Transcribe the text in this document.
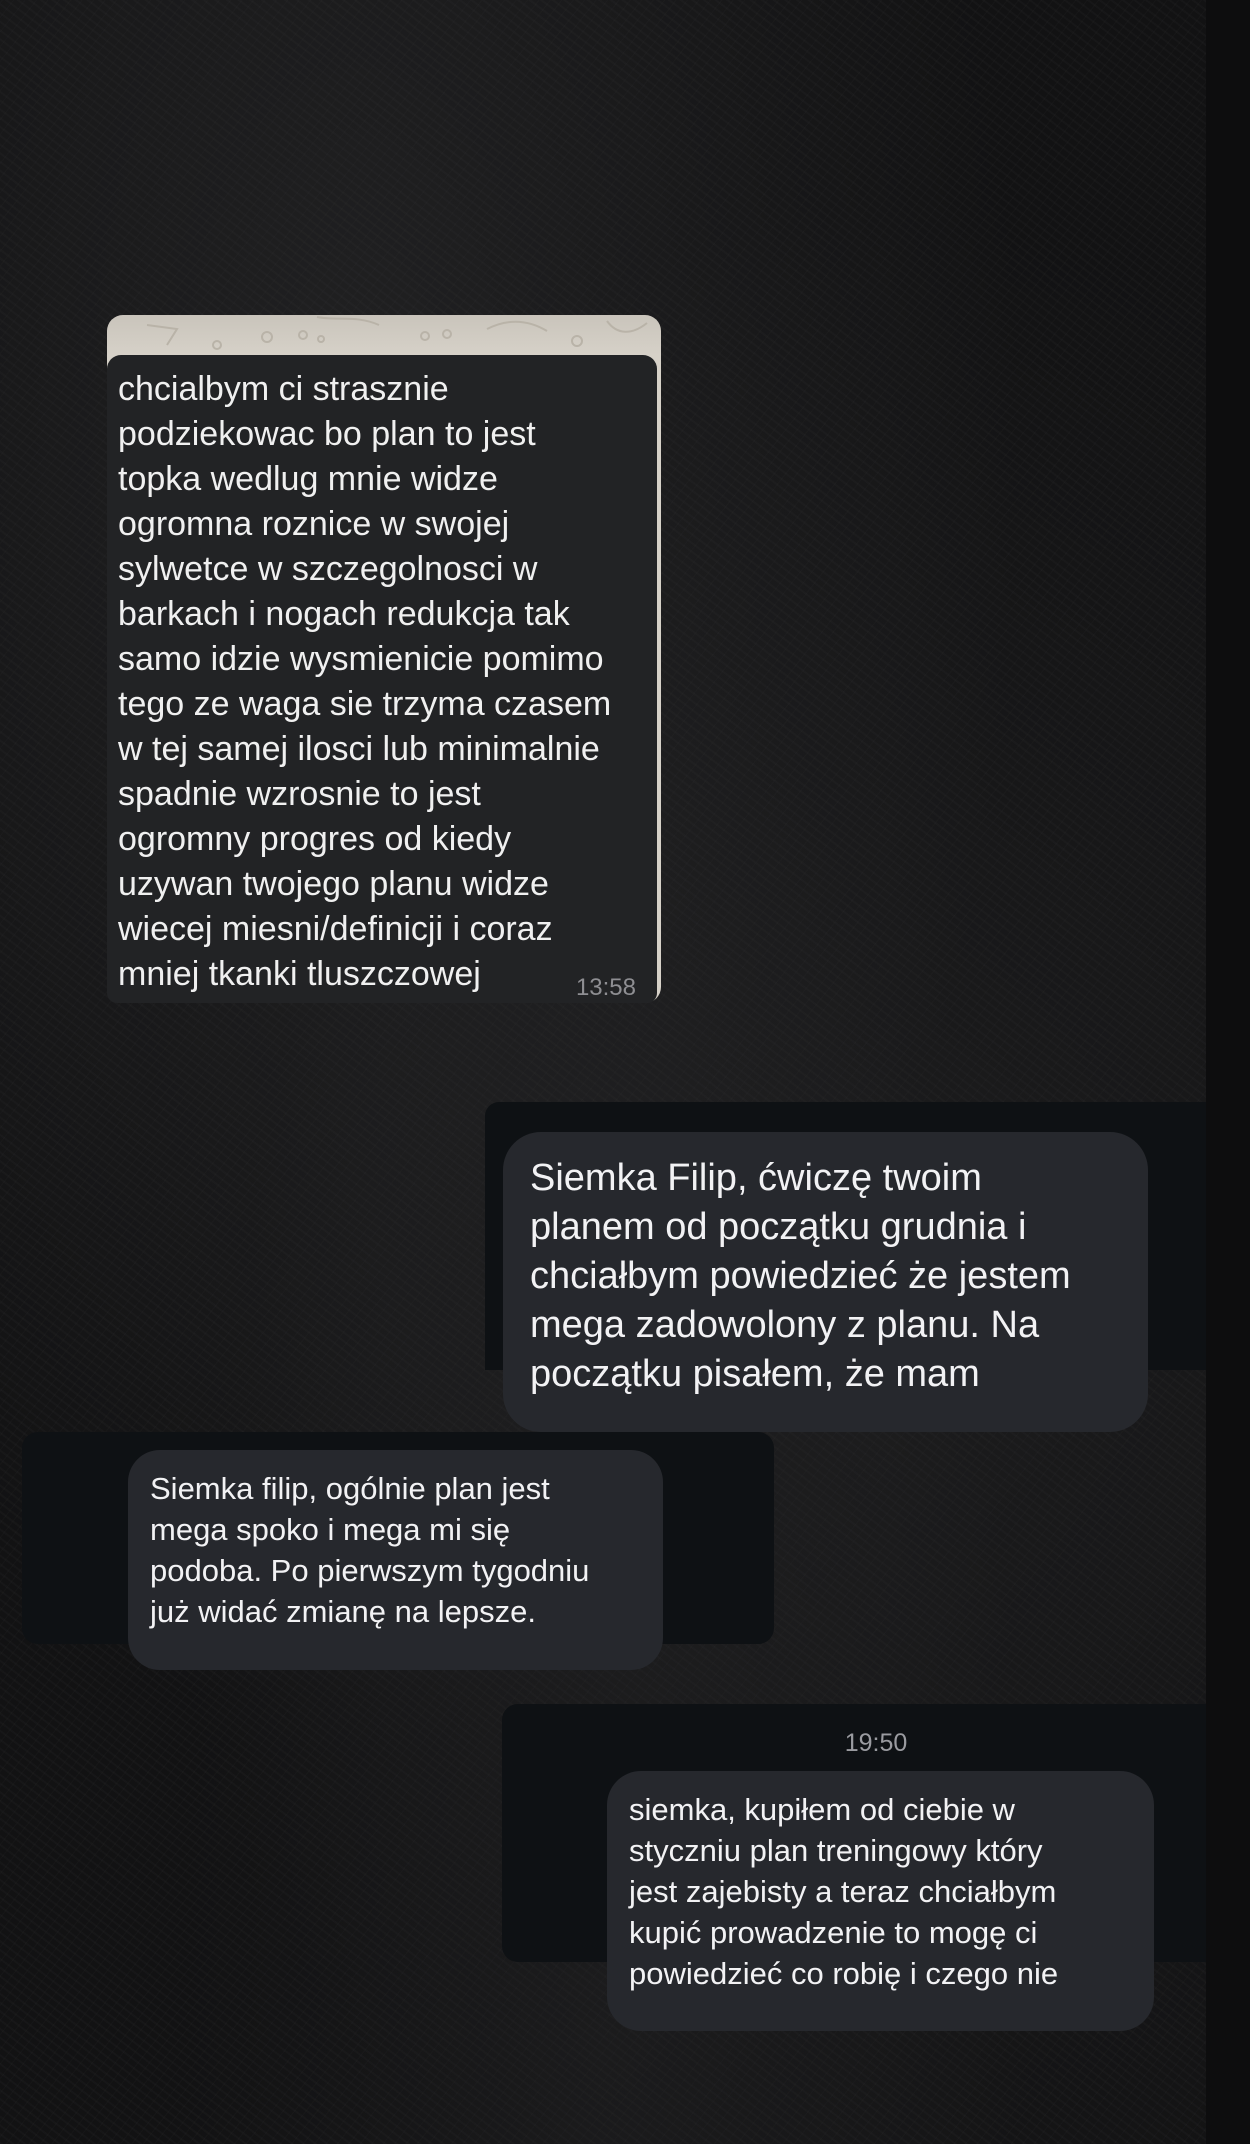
chcialbym ci strasznie
podziekowac bo plan to jest
topka wedlug mnie widze
ogromna roznice w swojej
sylwetce w szczegolnosci w
barkach i nogach redukcja tak
samo idzie wysmienicie pomimo
tego ze waga sie trzyma czasem
w tej samej ilosci lub minimalnie
spadnie wzrosnie to jest
ogromny progres od kiedy
uzywan twojego planu widze
wiecej miesni/definicji i coraz
mniej tkanki tluszczowej	13:58

Siemka Filip, ćwiczę twoim
planem od początku grudnia i
chciałbym powiedzieć że jestem
mega zadowolony z planu. Na
początku pisałem, że mam

Siemka filip, ogólnie plan jest
mega spoko i mega mi się
podoba. Po pierwszym tygodniu
już widać zmianę na lepsze.

19:50

siemka, kupiłem od ciebie w
styczniu plan treningowy który
jest zajebisty a teraz chciałbym
kupić prowadzenie to mogę ci
powiedzieć co robię i czego nie
